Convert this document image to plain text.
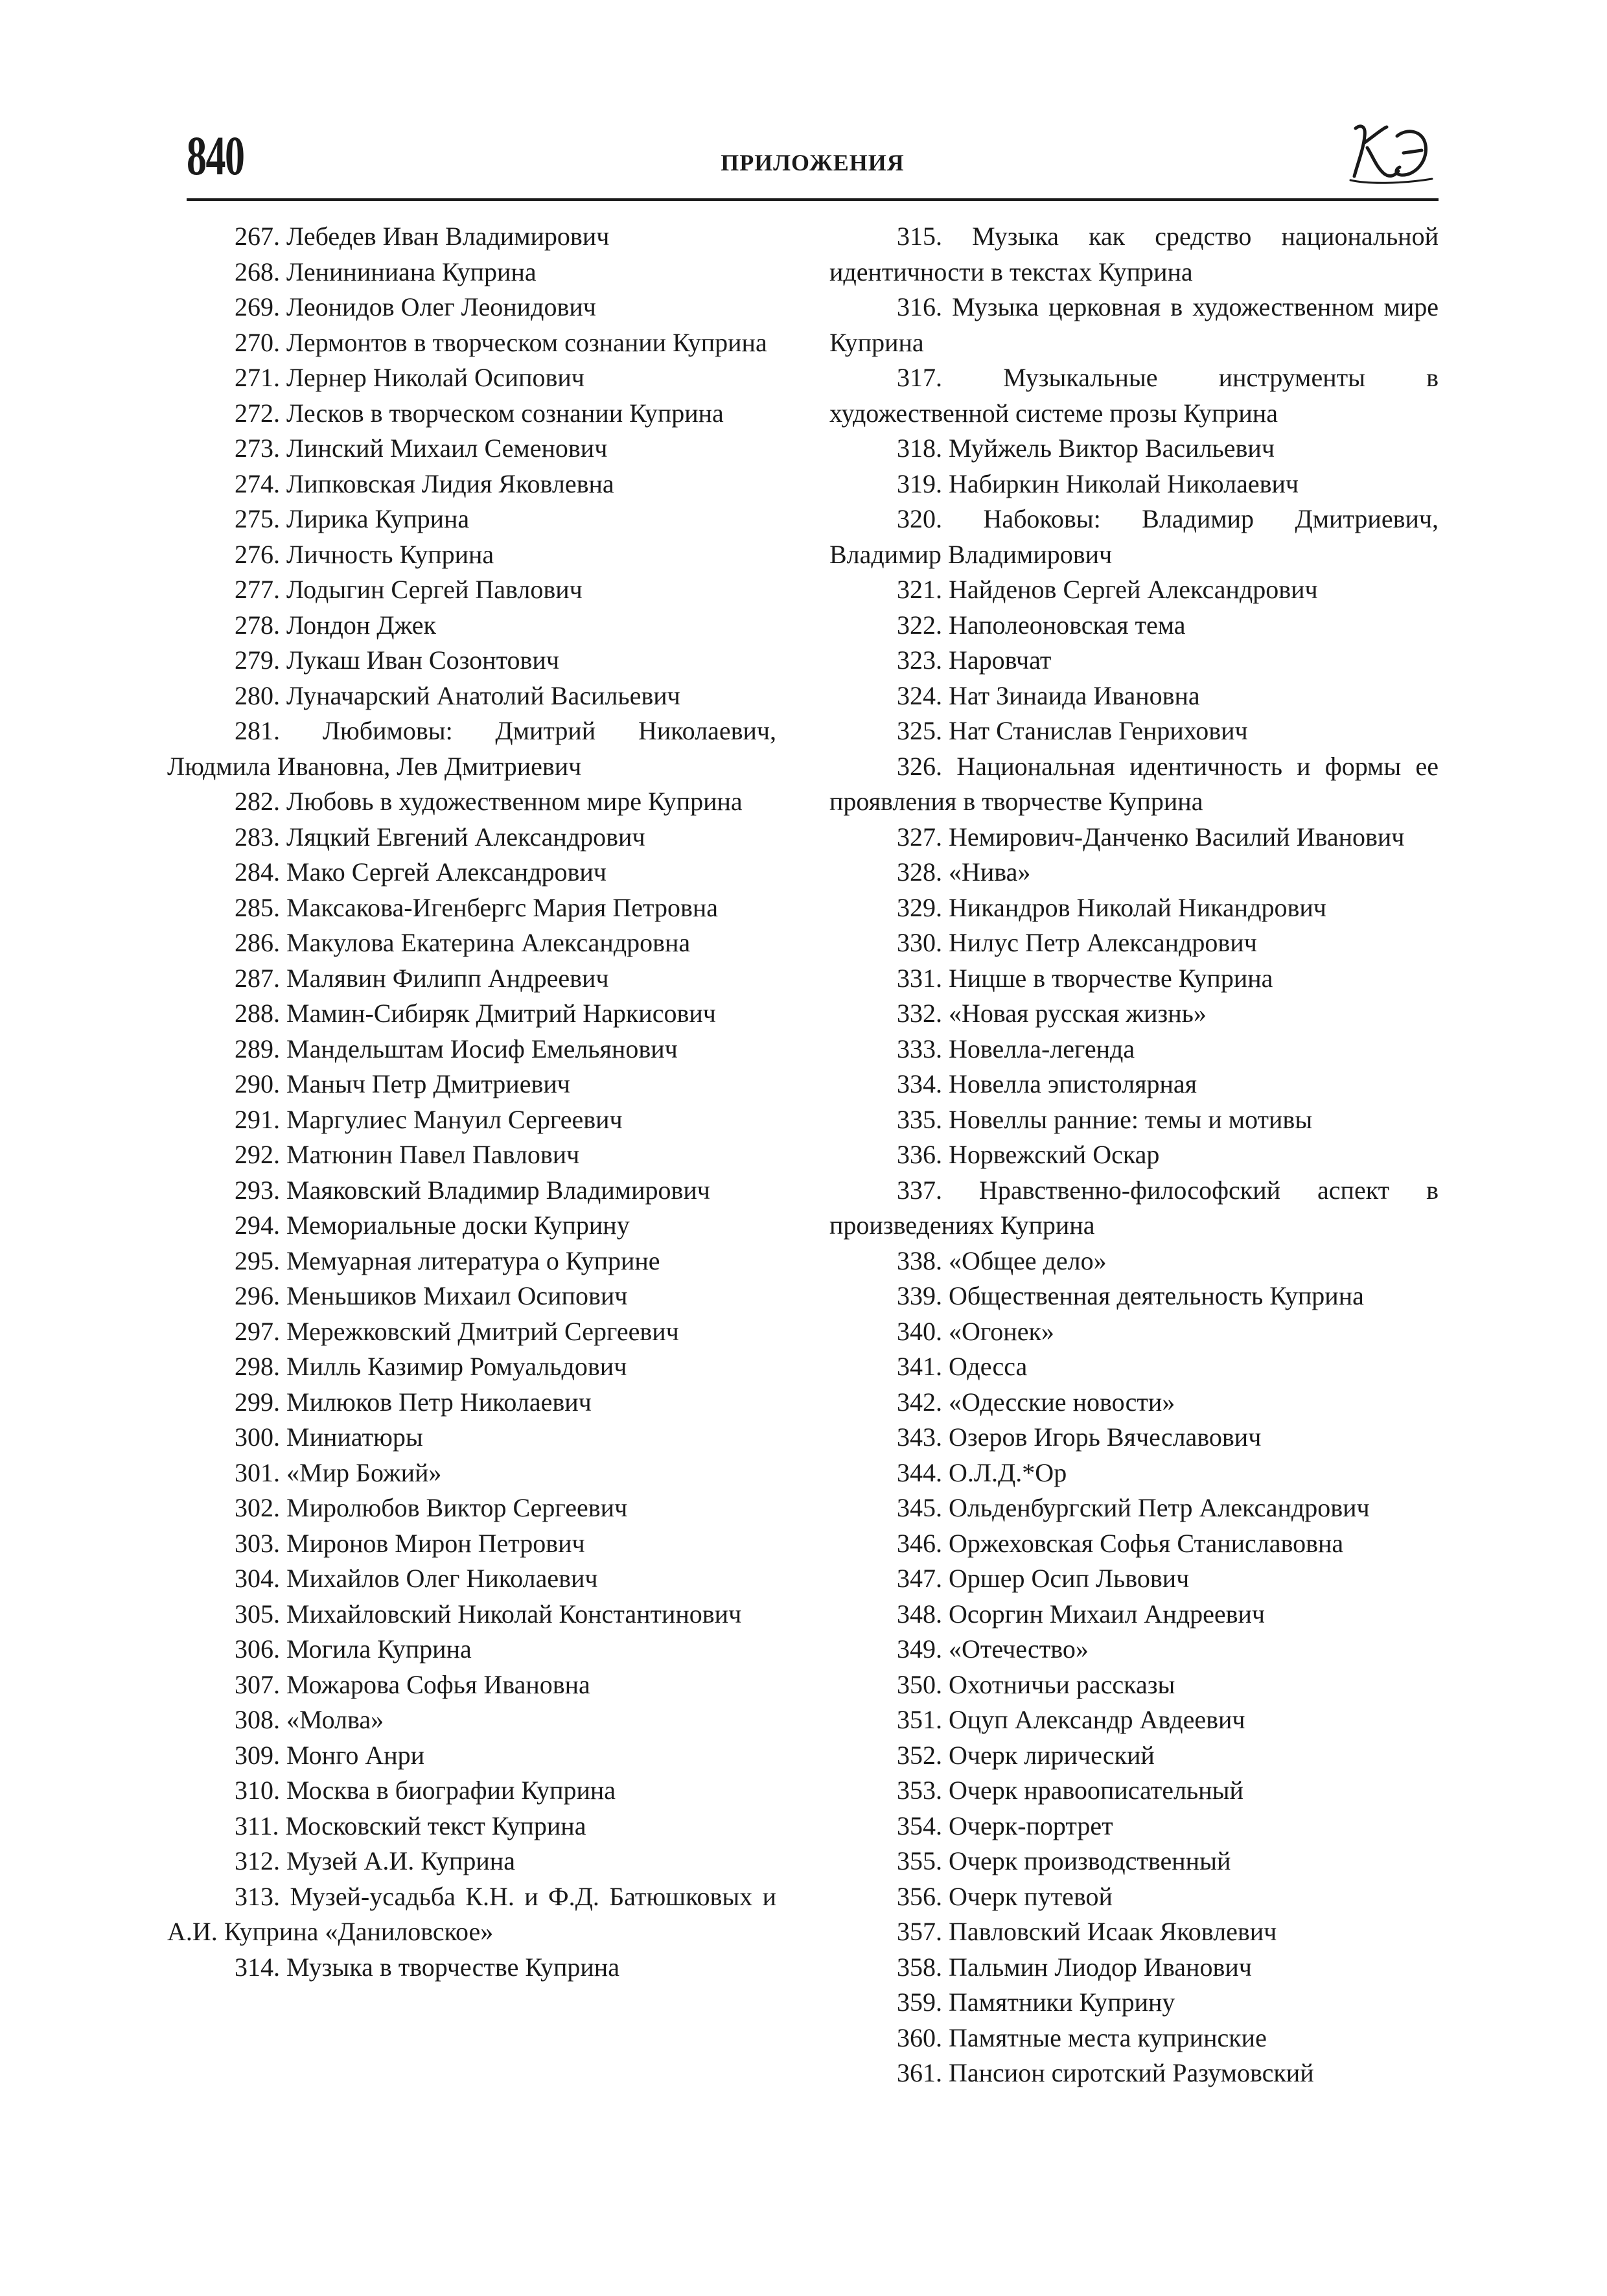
840	ПРИЛОЖЕНИЯ

267. Лебедев Иван Владимирович

268. Ленининиана Куприна

269. Леонидов Олег Леонидович

270. Лермонтов в творческом сознании Куприна

271. Лернер Николай Осипович

272. Лесков в творческом сознании Куприна

273. Линский Михаил Семенович

274. Липковская Лидия Яковлевна

275. Лирика Куприна

276. Личность Куприна

277. Лодыгин Сергей Павлович

278. Лондон Джек

279. Лукаш Иван Созонтович

280. Луначарский Анатолий Васильевич

281. Любимовы: Дмитрий Николаевич, Людмила Ивановна, Лев Дмитриевич

282. Любовь в художественном мире Куприна

283. Ляцкий Евгений Александрович

284. Мако Сергей Александрович

285. Максакова-Игенбергс Мария Петровна

286. Макулова Екатерина Александровна

287. Малявин Филипп Андреевич

288. Мамин-Сибиряк Дмитрий Наркисович

289. Мандельштам Иосиф Емельянович

290. Маныч Петр Дмитриевич

291. Маргулиес Мануил Сергеевич

292. Матюнин Павел Павлович

293. Маяковский Владимир Владимирович

294. Мемориальные доски Куприну

295. Мемуарная литература о Куприне

296. Меньшиков Михаил Осипович

297. Мережковский Дмитрий Сергеевич

298. Милль Казимир Ромуальдович

299. Милюков Петр Николаевич

300. Миниатюры

301. «Мир Божий»

302. Миролюбов Виктор Сергеевич

303. Миронов Мирон Петрович

304. Михайлов Олег Николаевич

305. Михайловский Николай Константинович

306. Могила Куприна

307. Можарова Софья Ивановна

308. «Молва»

309. Монго Анри

310. Москва в биографии Куприна

311. Московский текст Куприна

312. Музей А.И. Куприна

313. Музей-усадьба К.Н. и Ф.Д. Батюшковых и А.И. Куприна «Даниловское»

314. Музыка в творчестве Куприна

315. Музыка как средство национальной идентичности в текстах Куприна

316. Музыка церковная в художественном мире Куприна

317. Музыкальные инструменты в художественной системе прозы Куприна

318. Муйжель Виктор Васильевич

319. Набиркин Николай Николаевич

320. Набоковы: Владимир Дмитриевич, Владимир Владимирович

321. Найденов Сергей Александрович

322. Наполеоновская тема

323. Наровчат

324. Нат Зинаида Ивановна

325. Нат Станислав Генрихович

326. Национальная идентичность и формы ее проявления в творчестве Куприна

327. Немирович-Данченко Василий Иванович

328. «Нива»

329. Никандров Николай Никандрович

330. Нилус Петр Александрович

331. Ницше в творчестве Куприна

332. «Новая русская жизнь»

333. Новелла-легенда

334. Новелла эпистолярная

335. Новеллы ранние: темы и мотивы

336. Норвежский Оскар

337. Нравственно-философский аспект в произведениях Куприна

338. «Общее дело»

339. Общественная деятельность Куприна

340. «Огонек»

341. Одесса

342. «Одесские новости»

343. Озеров Игорь Вячеславович

344. О.Л.Д.*Ор

345. Ольденбургский Петр Александрович

346. Оржеховская Софья Станиславовна

347. Оршер Осип Львович

348. Осоргин Михаил Андреевич

349. «Отечество»

350. Охотничьи рассказы

351. Оцуп Александр Авдеевич

352. Очерк лирический

353. Очерк нравоописательный

354. Очерк-портрет

355. Очерк производственный

356. Очерк путевой

357. Павловский Исаак Яковлевич

358. Пальмин Лиодор Иванович

359. Памятники Куприну

360. Памятные места купринские

361. Пансион сиротский Разумовский
